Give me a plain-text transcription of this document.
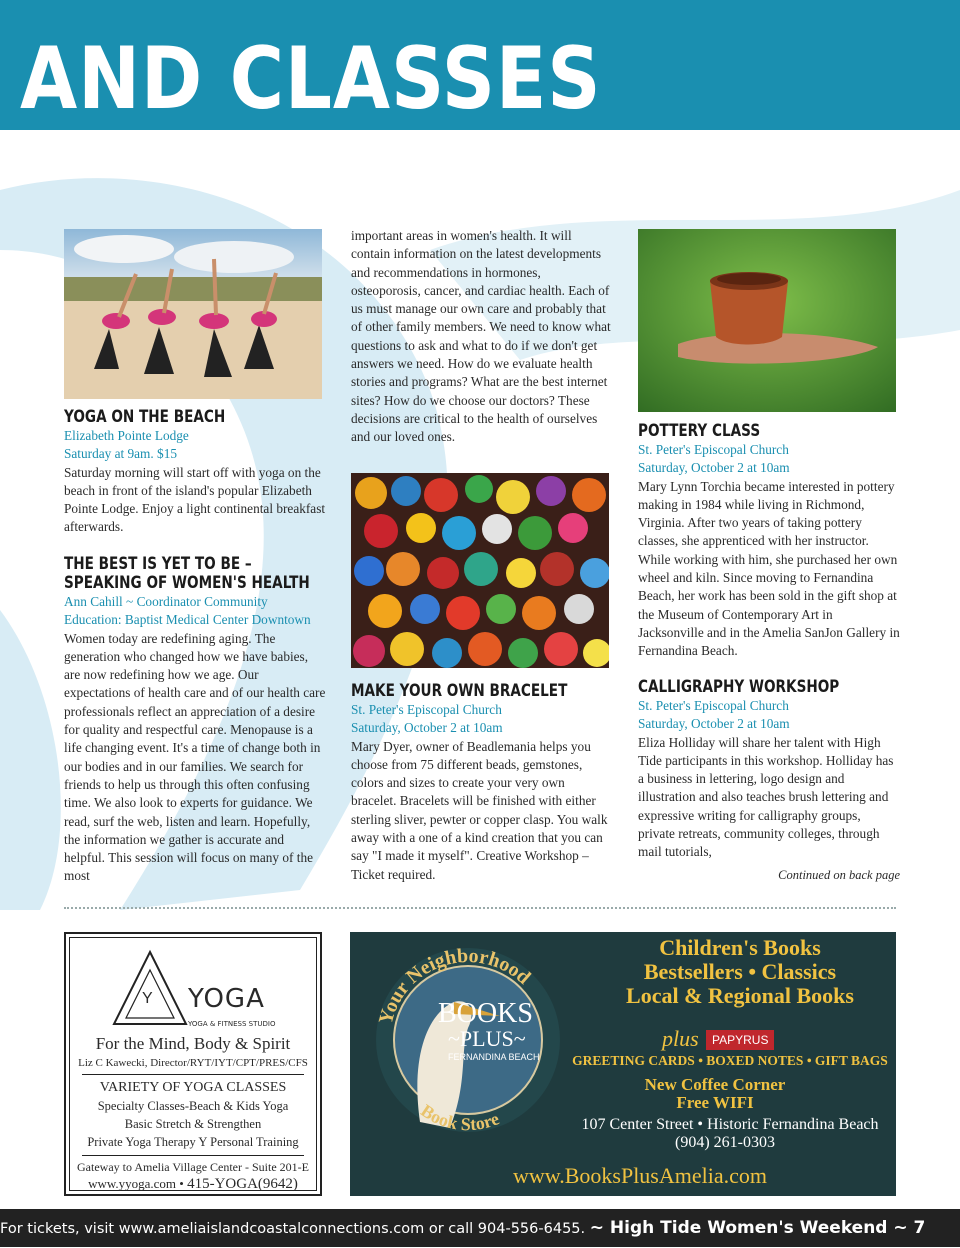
AND CLASSES

YOGA ON THE BEACH

Elizabeth Pointe Lodge

Saturday at 9am. $15

Saturday morning will start off with yoga on the beach in front of the island's popular Elizabeth Pointe Lodge. Enjoy a light continental breakfast afterwards.

THE BEST IS YET TO BE –

SPEAKING OF WOMEN'S HEALTH

Ann Cahill ~ Coordinator Community Education: Baptist Medical Center Downtown

Women today are redefining aging. The generation who changed how we have babies, are now redefining how we age. Our expectations of health care and of our health care professionals reflect an appreciation of a desire for quality and respectful care. Menopause is a life changing event. It's a time of change both in our bodies and in our families. We search for friends to help us through this often confusing time. We also look to experts for guidance. We read, surf the web, listen and learn. Hopefully, the information we gather is accurate and helpful. This session will focus on many of the most

important areas in women's health. It will contain information on the latest developments and recommendations in hormones, osteoporosis, cancer, and cardiac health. Each of us must manage our own care and probably that of other family members. We need to know what questions to ask and what to do if we don't get answers we need. How do we evaluate health stories and programs? What are the best internet sites? How do we choose our doctors? These decisions are critical to the health of ourselves and our loved ones.

MAKE YOUR OWN BRACELET

St. Peter's Episcopal Church

Saturday, October 2 at 10am

Mary Dyer, owner of Beadlemania helps you choose from 75 different beads, gemstones, colors and sizes to create your very own bracelet. Bracelets will be finished with either sterling sliver, pewter or copper clasp. You walk away with a one of a kind creation that you can say "I made it myself". Creative Workshop – Ticket required.

POTTERY CLASS

St. Peter's Episcopal Church

Saturday, October 2 at 10am

Mary Lynn Torchia became interested in pottery making in 1984 while living in Richmond, Virginia. After two years of taking pottery classes, she apprenticed with her instructor. While working with him, she purchased her own wheel and kiln. Since moving to Fernandina Beach, her work has been sold in the gift shop at the Museum of Contemporary Art in Jacksonville and in the Amelia SanJon Gallery in Fernandina Beach.

CALLIGRAPHY WORKSHOP

St. Peter's Episcopal Church

Saturday, October 2 at 10am

Eliza Holliday will share her talent with High Tide participants in this workshop. Holliday has a business in lettering, logo design and illustration and also teaches brush lettering and expressive writing for calligraphy groups, private retreats, community colleges, through mail tutorials,

Continued on back page

Y YOGA
YOGA & FITNESS STUDIO
For the Mind, Body & Spirit
Liz C Kawecki, Director/RYT/IYT/CPT/PRES/CFS
VARIETY OF YOGA CLASSES
Specialty Classes-Beach & Kids Yoga
Basic Stretch & Strengthen
Private Yoga Therapy Y Personal Training
Gateway to Amelia Village Center - Suite 201-E
www.yyoga.com • 415-YOGA(9642)
Your Neighborhood
Book Store
BOOKS
~PLUS~
FERNANDINA BEACH
Children's Books
Bestsellers • Classics
Local & Regional Books
plus	PAPYRUS
GREETING CARDS • BOXED NOTES • GIFT BAGS
New Coffee Corner
Free WIFI
107 Center Street • Historic Fernandina Beach
(904) 261-0303
www.BooksPlusAmelia.com
For tickets, visit www.ameliaislandcoastalconnections.com or call 904-556-6455. ~ High Tide Women's Weekend ~ 7
